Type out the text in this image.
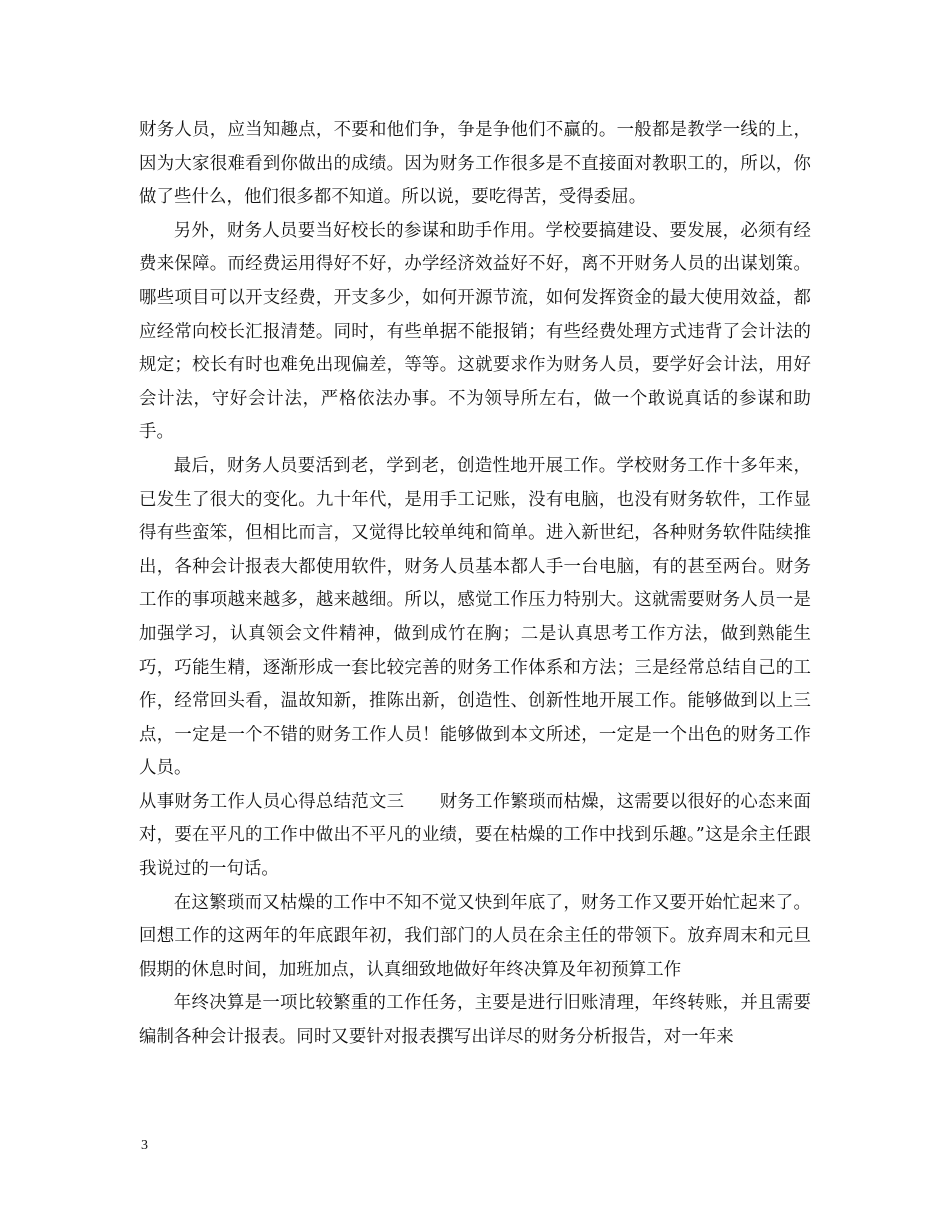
财务人员，应当知趣点，不要和他们争，争是争他们不赢的。一般都是教学一线的上，因为大家很难看到你做出的成绩。因为财务工作很多是不直接面对教职工的，所以，你做了些什么，他们很多都不知道。所以说，要吃得苦，受得委屈。

另外，财务人员要当好校长的参谋和助手作用。学校要搞建设、要发展，必须有经费来保障。而经费运用得好不好，办学经济效益好不好，离不开财务人员的出谋划策。哪些项目可以开支经费，开支多少，如何开源节流，如何发挥资金的最大使用效益，都应经常向校长汇报清楚。同时，有些单据不能报销；有些经费处理方式违背了会计法的规定；校长有时也难免出现偏差，等等。这就要求作为财务人员，要学好会计法，用好会计法，守好会计法，严格依法办事。不为领导所左右，做一个敢说真话的参谋和助手。

最后，财务人员要活到老，学到老，创造性地开展工作。学校财务工作十多年来，已发生了很大的变化。九十年代，是用手工记账，没有电脑，也没有财务软件，工作显得有些蛮笨，但相比而言，又觉得比较单纯和简单。进入新世纪，各种财务软件陆续推出，各种会计报表大都使用软件，财务人员基本都人手一台电脑，有的甚至两台。财务工作的事项越来越多，越来越细。所以，感觉工作压力特别大。这就需要财务人员一是加强学习，认真领会文件精神，做到成竹在胸；二是认真思考工作方法，做到熟能生巧，巧能生精，逐渐形成一套比较完善的财务工作体系和方法；三是经常总结自己的工作，经常回头看，温故知新，推陈出新，创造性、创新性地开展工作。能够做到以上三点，一定是一个不错的财务工作人员！能够做到本文所述，一定是一个出色的财务工作人员。

从事财务工作人员心得总结范文三　　财务工作繁琐而枯燥，这需要以很好的心态来面对，要在平凡的工作中做出不平凡的业绩，要在枯燥的工作中找到乐趣。”这是余主任跟我说过的一句话。

在这繁琐而又枯燥的工作中不知不觉又快到年底了，财务工作又要开始忙起来了。回想工作的这两年的年底跟年初，我们部门的人员在余主任的带领下。放弃周末和元旦假期的休息时间，加班加点，认真细致地做好年终决算及年初预算工作

年终决算是一项比较繁重的工作任务，主要是进行旧账清理，年终转账，并且需要编制各种会计报表。同时又要针对报表撰写出详尽的财务分析报告，对一年来

3
